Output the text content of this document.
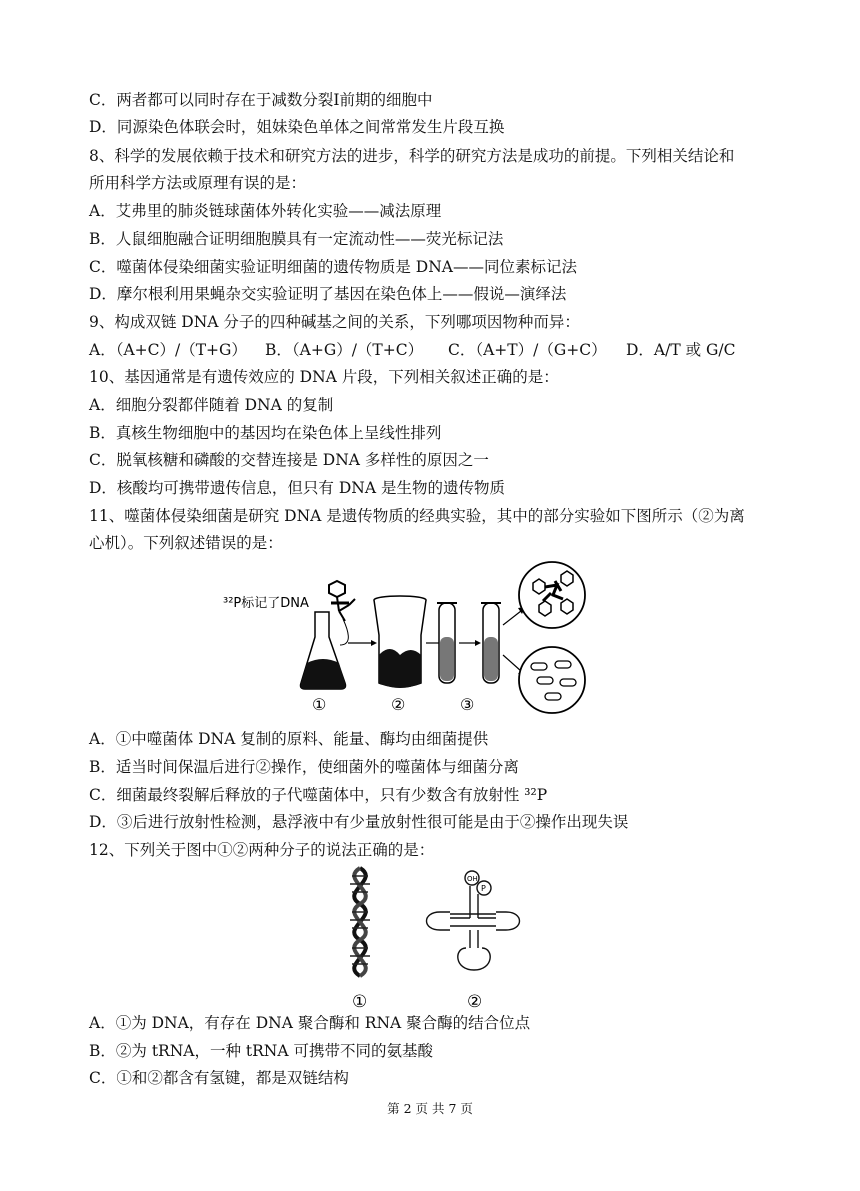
C．两者都可以同时存在于减数分裂Ⅰ前期的细胞中
D．同源染色体联会时，姐妹染色单体之间常常发生片段互换
8、科学的发展依赖于技术和研究方法的进步，科学的研究方法是成功的前提。下列相关结论和
所用科学方法或原理有误的是：
A．艾弗里的肺炎链球菌体外转化实验——减法原理
B．人鼠细胞融合证明细胞膜具有一定流动性——荧光标记法
C．噬菌体侵染细菌实验证明细菌的遗传物质是 DNA——同位素标记法
D．摩尔根利用果蝇杂交实验证明了基因在染色体上——假说—演绎法
9、构成双链 DNA 分子的四种碱基之间的关系，下列哪项因物种而异：
A．（A+C）/（T+G）	B．（A+G）/（T+C）	C．（A+T）/（G+C）	D．A/T 或 G/C
10、基因通常是有遗传效应的 DNA 片段，下列相关叙述正确的是：
A．细胞分裂都伴随着 DNA 的复制
B．真核生物细胞中的基因均在染色体上呈线性排列
C．脱氧核糖和磷酸的交替连接是 DNA 多样性的原因之一
D．核酸均可携带遗传信息，但只有 DNA 是生物的遗传物质
11、噬菌体侵染细菌是研究 DNA 是遗传物质的经典实验，其中的部分实验如下图所示（②为离
心机）。下列叙述错误的是：
³²P标记了DNA
①	②	③
A．①中噬菌体 DNA 复制的原料、能量、酶均由细菌提供
B．适当时间保温后进行②操作，使细菌外的噬菌体与细菌分离
C．细菌最终裂解后释放的子代噬菌体中，只有少数含有放射性 ³²P
D．③后进行放射性检测，悬浮液中有少量放射性很可能是由于②操作出现失误
12、下列关于图中①②两种分子的说法正确的是：
OH
P
①	②
A．①为 DNA，有存在 DNA 聚合酶和 RNA 聚合酶的结合位点
B．②为 tRNA，一种 tRNA 可携带不同的氨基酸
C．①和②都含有氢键，都是双链结构
第 2 页 共 7 页
